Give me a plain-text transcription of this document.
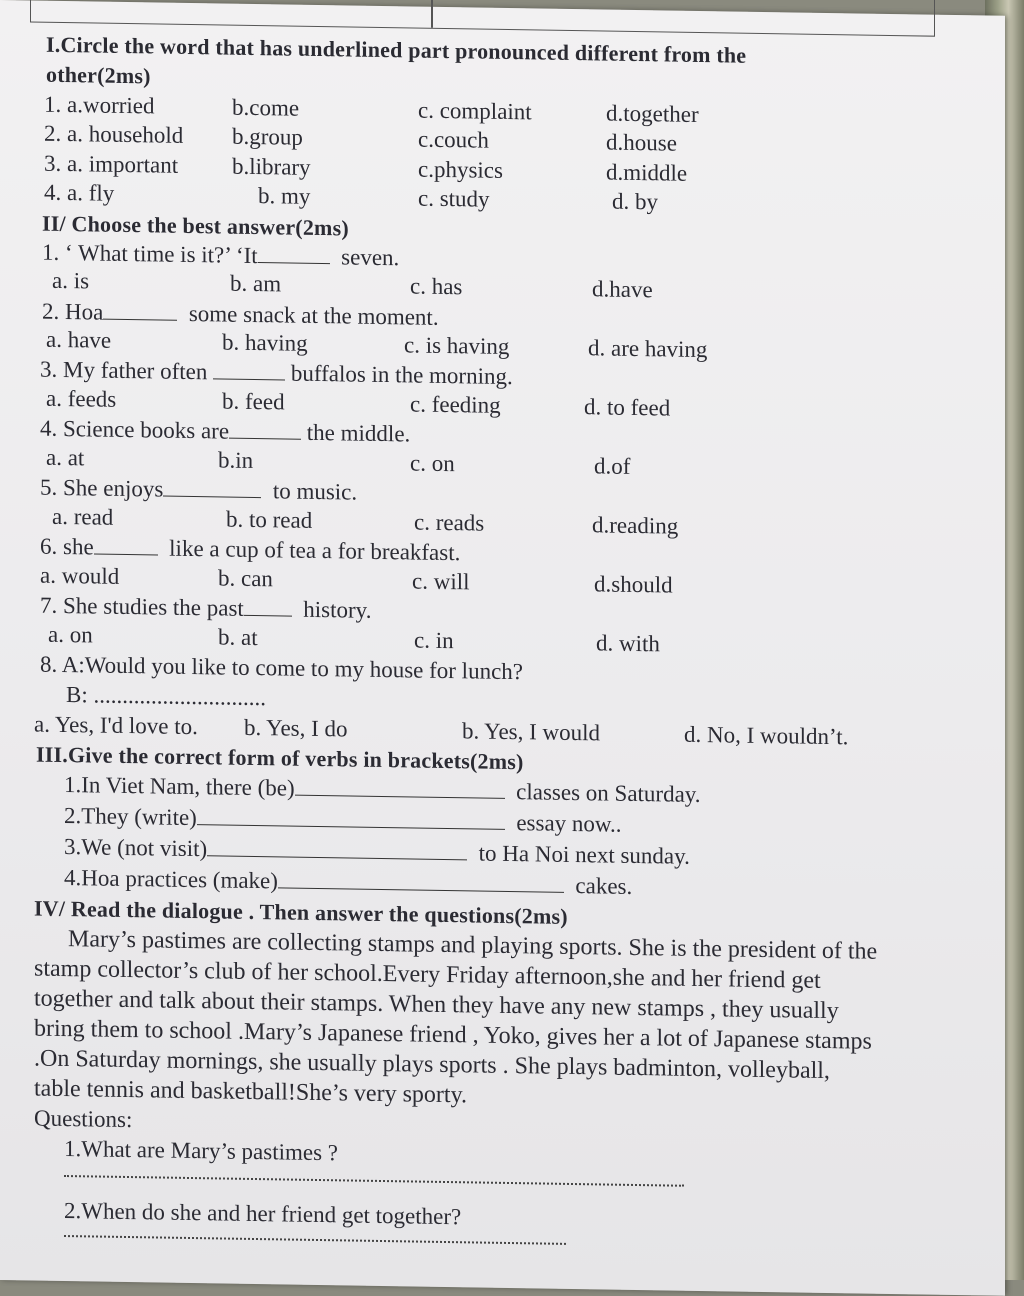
I.Circle the word that has underlined part pronounced different from the
other(2ms)
1. a.worried	b.come	c. complaint	d.together
2. a. household b.group	c.couch	d.house
3. a. important b.library	c.physics	d.middle
4. a. fly	b. my	c. study	d. by
II/ Choose the best answer(2ms)
1. ‘ What time is it?’ ‘It	seven.
a. is	b. am	c. has	d.have
2. Hoa	some snack at the moment.
a. have	b. having	c. is having	d. are having
3. My father often	buffalos in the morning.
a. feeds	b. feed	c. feeding	d. to feed
4. Science books are	the middle.
a. at	b.in	c. on	d.of
5. She enjoys	to music.
a. read	b. to read	c. reads	d.reading
6. she	like a cup of tea a for breakfast.
a. would	b. can	c. will	d.should
7. She studies the past	history.
a. on	b. at	c. in	d. with
8. A:Would you like to come to my house for lunch?
B: ..............................
a. Yes, I'd love to. b. Yes, I do	b. Yes, I would	d. No, I wouldn’t.
III.Give the correct form of verbs in brackets(2ms)
1.In Viet Nam, there (be)	classes on Saturday.
2.They (write)	essay now..
3.We (not visit)	to Ha Noi next sunday.
4.Hoa practices (make)	cakes.
IV/ Read the dialogue . Then answer the questions(2ms)
Mary’s pastimes are collecting stamps and playing sports. She is the president of the
stamp collector’s club of her school.Every Friday afternoon,she and her friend get
together and talk about their stamps. When they have any new stamps , they usually
bring them to school .Mary’s Japanese friend , Yoko, gives her a lot of Japanese stamps
.On Saturday mornings, she usually plays sports . She plays badminton, volleyball,
table tennis and basketball!She’s very sporty.
Questions:
1.What are Mary’s pastimes ?
2.When do she and her friend get together?
